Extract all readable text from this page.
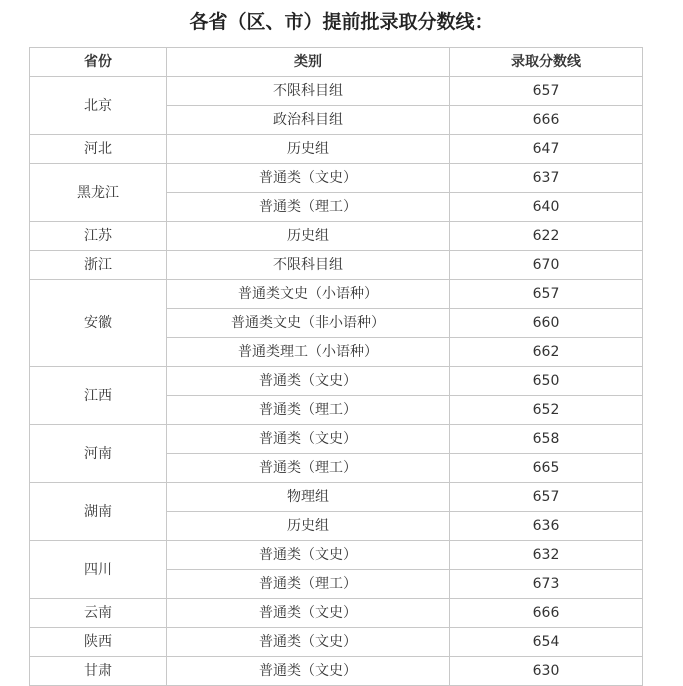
各省（区、市）提前批录取分数线：
省份	类别	录取分数线
北京	不限科目组	657
	政治科目组	666
河北	历史组	647
黑龙江	普通类（文史）	637
	普通类（理工）	640
江苏	历史组	622
浙江	不限科目组	670
安徽	普通类文史（小语种）	657
	普通类文史（非小语种）	660
	普通类理工（小语种）	662
江西	普通类（文史）	650
	普通类（理工）	652
河南	普通类（文史）	658
	普通类（理工）	665
湖南	物理组	657
	历史组	636
四川	普通类（文史）	632
	普通类（理工）	673
云南	普通类（文史）	666
陕西	普通类（文史）	654
甘肃	普通类（文史）	630
